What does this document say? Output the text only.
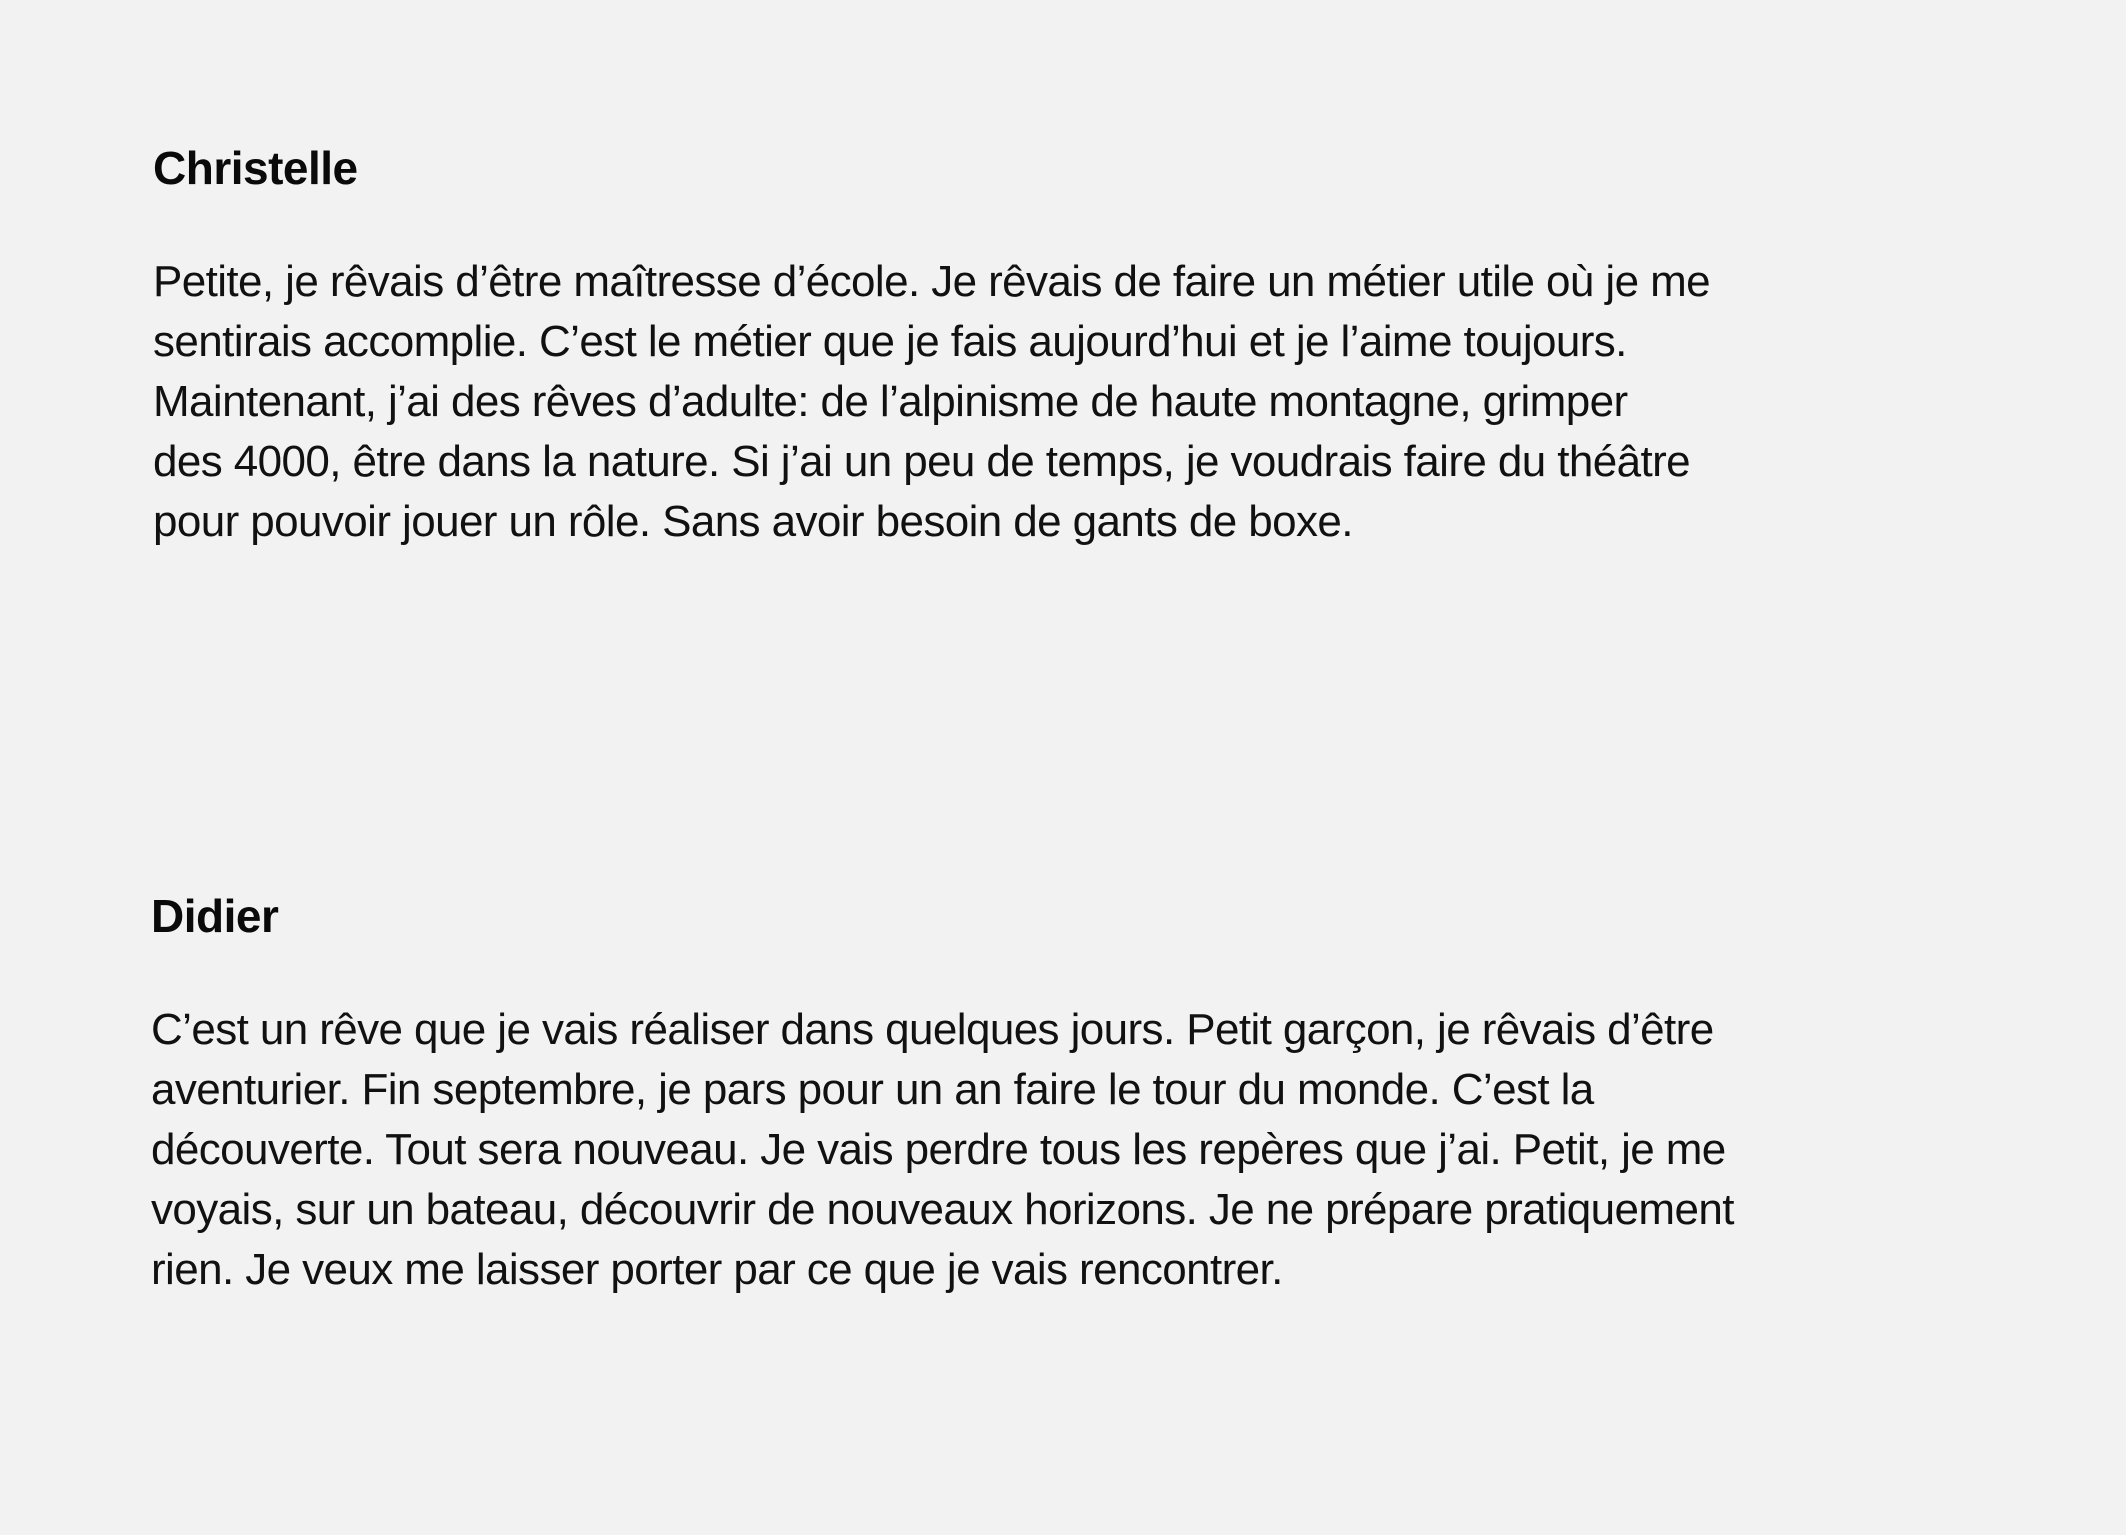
Christelle

Petite, je rêvais d’être maîtresse d’école. Je rêvais de faire un métier utile où je me
sentirais accomplie. C’est le métier que je fais aujourd’hui et je l’aime toujours.
Maintenant, j’ai des rêves d’adulte: de l’alpinisme de haute montagne, grimper
des 4000, être dans la nature. Si j’ai un peu de temps, je voudrais faire du théâtre
pour pouvoir jouer un rôle. Sans avoir besoin de gants de boxe.

Didier

C’est un rêve que je vais réaliser dans quelques jours. Petit garçon, je rêvais d’être
aventurier. Fin septembre, je pars pour un an faire le tour du monde. C’est la
découverte. Tout sera nouveau. Je vais perdre tous les repères que j’ai. Petit, je me
voyais, sur un bateau, découvrir de nouveaux horizons. Je ne prépare pratiquement
rien. Je veux me laisser porter par ce que je vais rencontrer.
